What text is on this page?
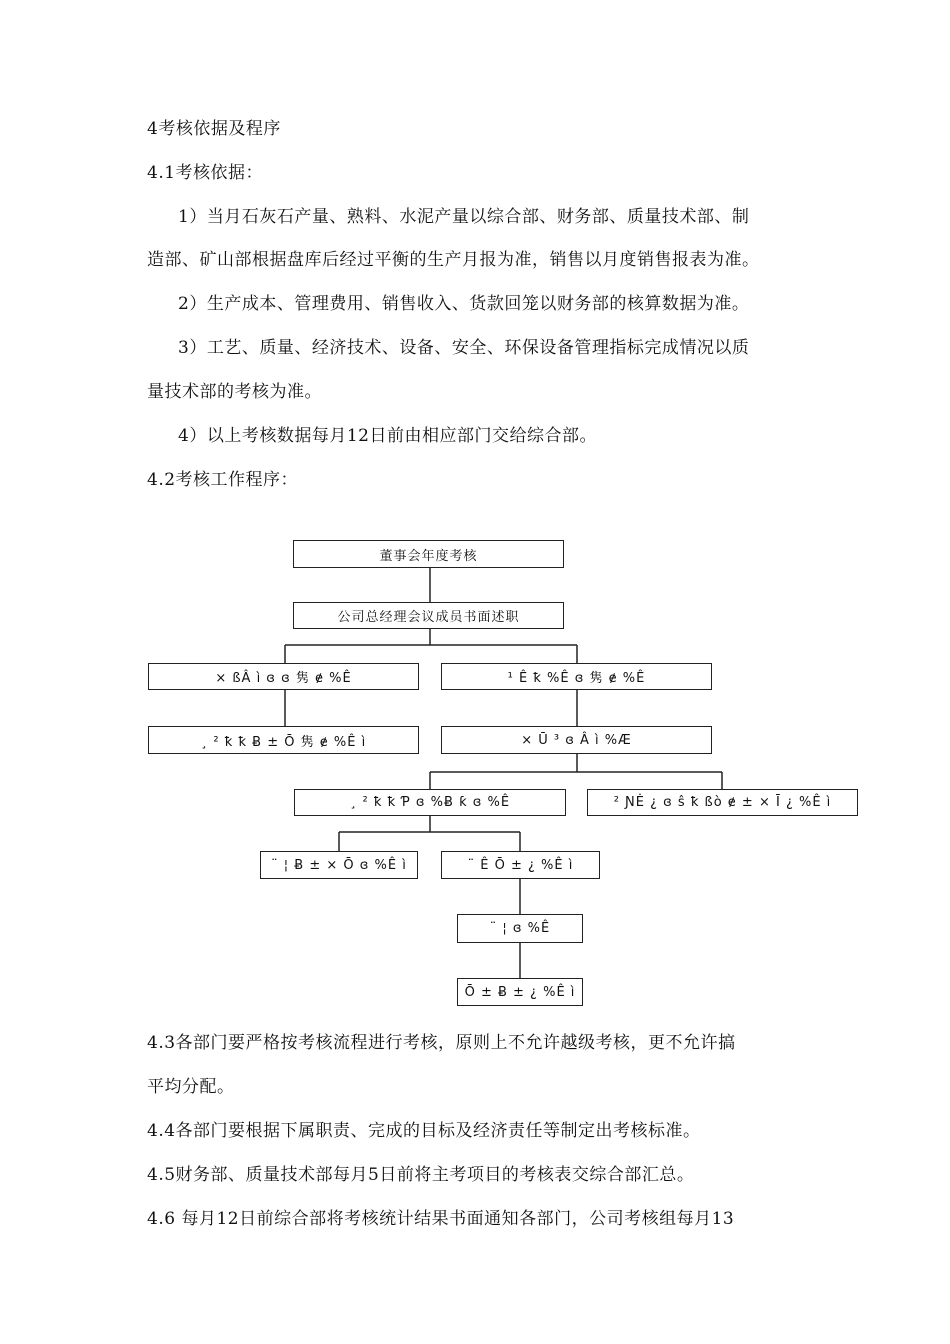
4考核依据及程序
4.1考核依据：
1）当月石灰石产量、熟料、水泥产量以综合部、财务部、质量技术部、制
造部、矿山部根据盘库后经过平衡的生产月报为准，销售以月度销售报表为准。
2）生产成本、管理费用、销售收入、货款回笼以财务部的核算数据为准。
3）工艺、质量、经济技术、设备、安全、环保设备管理指标完成情况以质
量技术部的考核为准。
4）以上考核数据每月12日前由相应部门交给综合部。
4.2考核工作程序：
董事会年度考核
公司总经理会议成员书面述职
× ßÂ ì ɞ ɞ 隽 ɇ %Ê	¹ Ê ꝁ %Ê ɞ 隽 ɇ %Ê
¸ ² ꝁ ꝁ Ƀ ± Ō 隽 ɇ %Ê ì	× Ū ³ ɞ Â ì %Æ
¸ ² ꝁ ꝁ Ƥ ɞ %Ƀ ƙ ɞ %Ê	² ƝĖ ¿ ɞ ŝ ꝁ ßò ɇ ± × Ī ¿ %Ê ì
¨ ¦ Ƀ ± × Ō ɞ %Ê ì	¨ Ê Ō ± ¿ %Ê ì
¨ ¦ ɞ %Ê
Ō ± Ƀ ± ¿ %Ê ì
4.3各部门要严格按考核流程进行考核，原则上不允许越级考核，更不允许搞
平均分配。
4.4各部门要根据下属职责、完成的目标及经济责任等制定出考核标准。
4.5财务部、质量技术部每月5日前将主考项目的考核表交综合部汇总。
4.6 每月12日前综合部将考核统计结果书面通知各部门，公司考核组每月13
